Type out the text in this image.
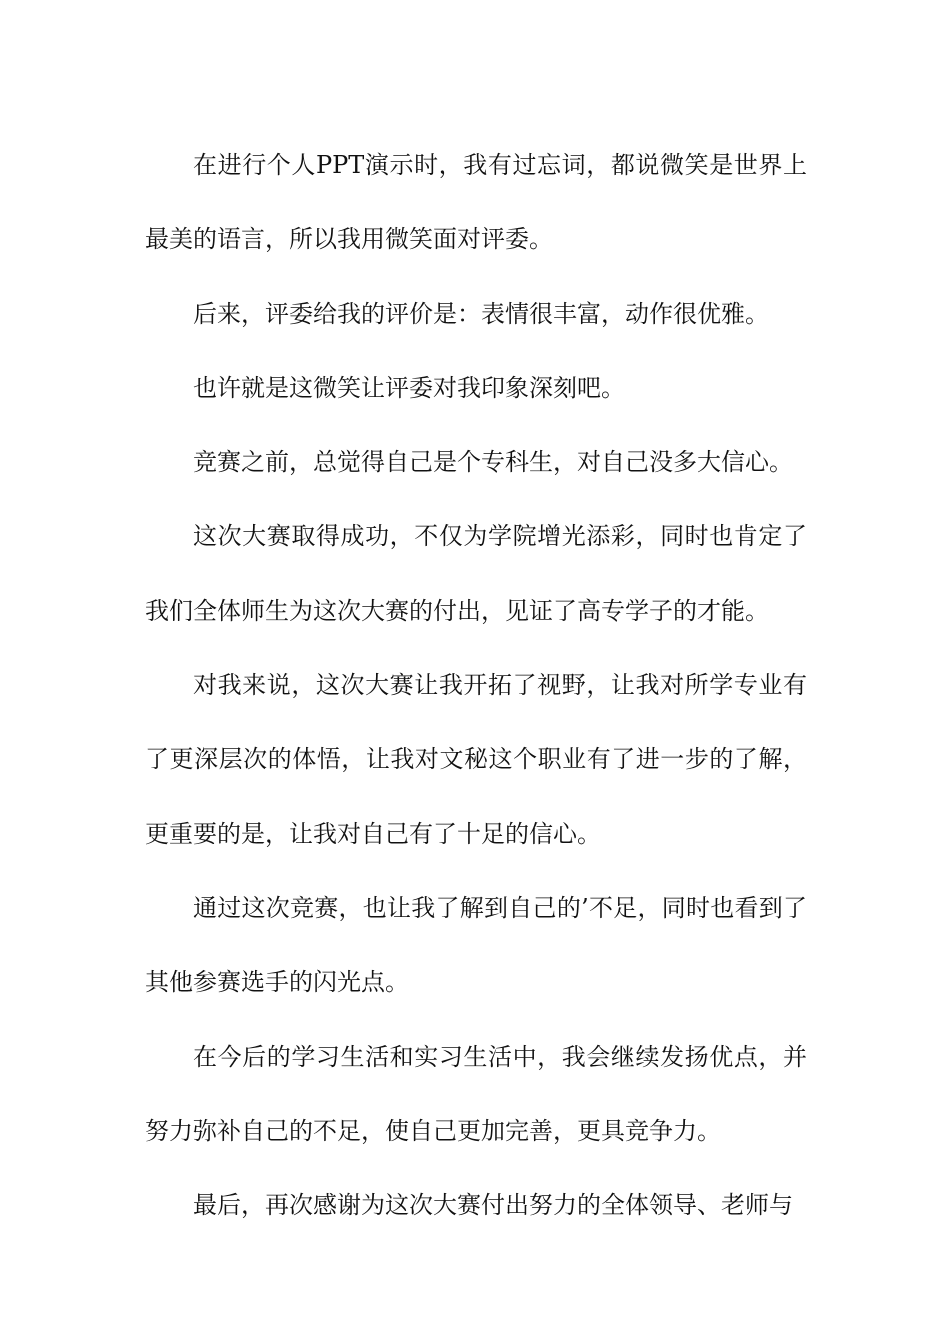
在进行个人PPT演示时，我有过忘词，都说微笑是世界上最美的语言，所以我用微笑面对评委。

后来，评委给我的评价是：表情很丰富，动作很优雅。

也许就是这微笑让评委对我印象深刻吧。

竞赛之前，总觉得自己是个专科生，对自己没多大信心。

这次大赛取得成功，不仅为学院增光添彩，同时也肯定了我们全体师生为这次大赛的付出，见证了高专学子的才能。

对我来说，这次大赛让我开拓了视野，让我对所学专业有了更深层次的体悟，让我对文秘这个职业有了进一步的了解，更重要的是，让我对自己有了十足的信心。

通过这次竞赛，也让我了解到自己的’不足，同时也看到了其他参赛选手的闪光点。

在今后的学习生活和实习生活中，我会继续发扬优点，并努力弥补自己的不足，使自己更加完善，更具竞争力。

最后，再次感谢为这次大赛付出努力的全体领导、老师与
